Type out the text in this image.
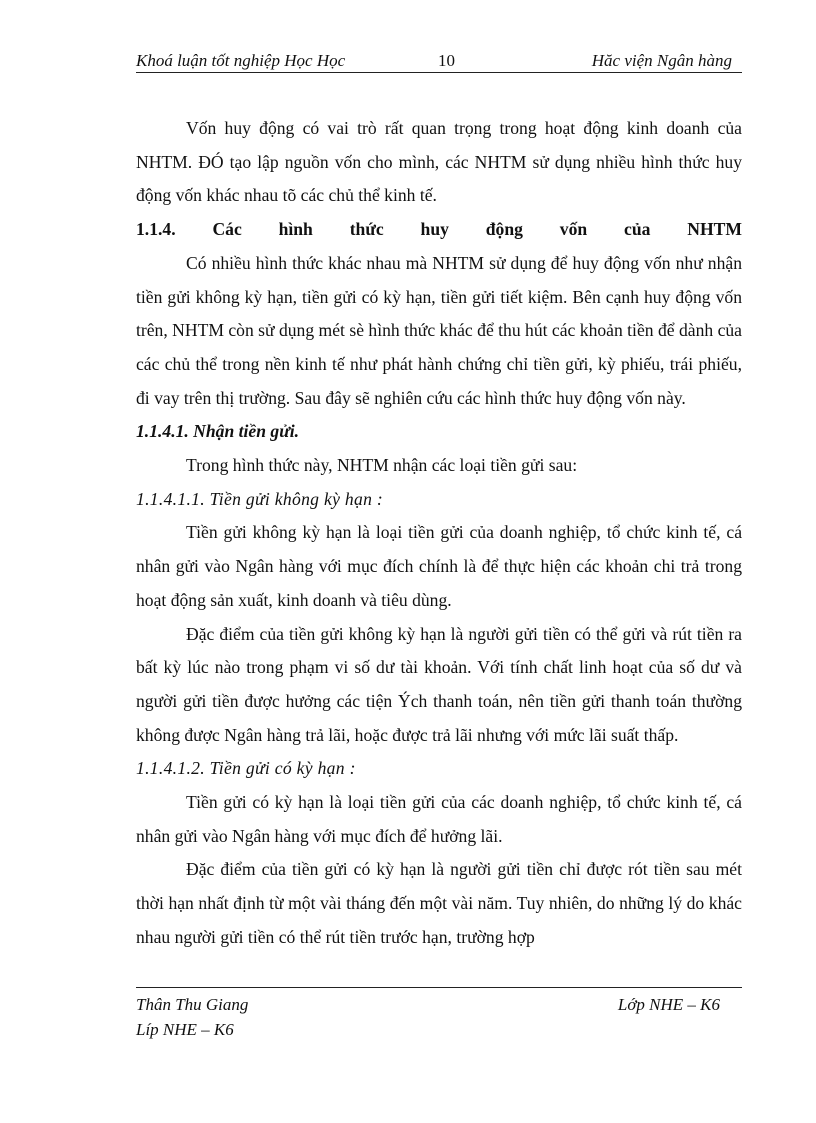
Khoá luận tốt nghiệp Học Học	10	Hăc viện Ngân hàng

Vốn huy động có vai trò rất quan trọng trong hoạt động kinh doanh của NHTM. ĐÓ tạo lập nguồn vốn cho mình, các NHTM sử dụng nhiều hình thức huy động vốn khác nhau tõ các chủ thể kinh tế.

1.1.4. Các hình thức huy động vốn của NHTM

Có nhiều hình thức khác nhau mà NHTM sử dụng để huy động vốn như nhận tiền gửi không kỳ hạn, tiền gửi có kỳ hạn, tiền gửi tiết kiệm. Bên cạnh huy động vốn trên, NHTM còn sử dụng mét sè hình thức khác để thu hút các khoản tiền để dành của các chủ thể trong nền kinh tế như phát hành chứng chỉ tiền gửi, kỳ phiếu, trái phiếu, đi vay trên thị trường. Sau đây sẽ nghiên cứu các hình thức huy động vốn này.

1.1.4.1. Nhận tiền gửi.

Trong hình thức này, NHTM nhận các loại tiền gửi sau:

1.1.4.1.1. Tiền gửi không kỳ hạn :

Tiền gửi không kỳ hạn là loại tiền gửi của doanh nghiệp, tổ chức kinh tế, cá nhân gửi vào Ngân hàng với mục đích chính là để thực hiện các khoản chi trả trong hoạt động sản xuất, kinh doanh và tiêu dùng.

Đặc điểm của tiền gửi không kỳ hạn là người gửi tiền có thể gửi và rút tiền ra bất kỳ lúc nào trong phạm vi số dư tài khoản. Với tính chất linh hoạt của số dư và người gửi tiền được hưởng các tiện Ých thanh toán, nên tiền gửi thanh toán thường không được Ngân hàng trả lãi, hoặc được trả lãi nhưng với mức lãi suất thấp.

1.1.4.1.2. Tiền gửi có kỳ hạn :

Tiền gửi có kỳ hạn là loại tiền gửi của các doanh nghiệp, tổ chức kinh tế, cá nhân gửi vào Ngân hàng với mục đích để hưởng lãi.

Đặc điểm của tiền gửi có kỳ hạn là người gửi tiền chỉ được rót tiền sau mét thời hạn nhất định từ một vài tháng đến một vài năm. Tuy nhiên, do những lý do khác nhau người gửi tiền có thể rút tiền trước hạn, trường hợp

Thân Thu Giang	Lớp NHE – K6
Líp NHE – K6
